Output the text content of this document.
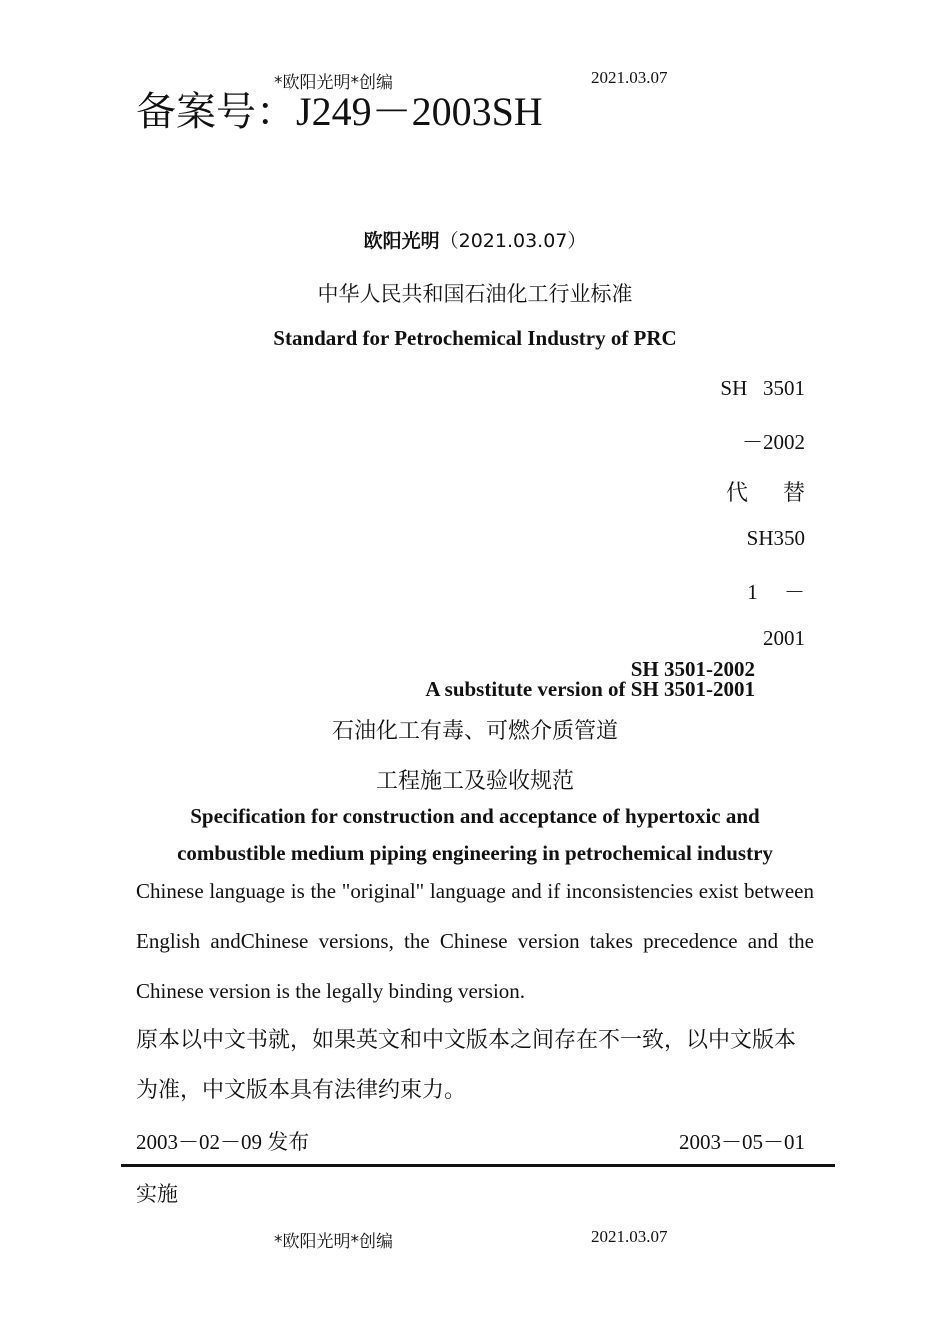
*欧阳光明*创编	2021.03.07
备案号：J249－2003SH
欧阳光明（2021.03.07）
中华人民共和国石油化工行业标准
Standard for Petrochemical Industry of PRC
SH   3501
－2002
代     替
SH350
1     －
2001
SH 3501-2002
A substitute version of SH 3501-2001
石油化工有毒、可燃介质管道
工程施工及验收规范
Specification for construction and acceptance of hypertoxic and combustible medium piping engineering in petrochemical industry
Chinese language is the "original" language and if inconsistencies exist between English andChinese versions, the Chinese version takes precedence and the Chinese version is the legally binding version.
原本以中文书就，如果英文和中文版本之间存在不一致，以中文版本为准，中文版本具有法律约束力。
2003－02－09 发布	2003－05－01
实施
*欧阳光明*创编	2021.03.07
